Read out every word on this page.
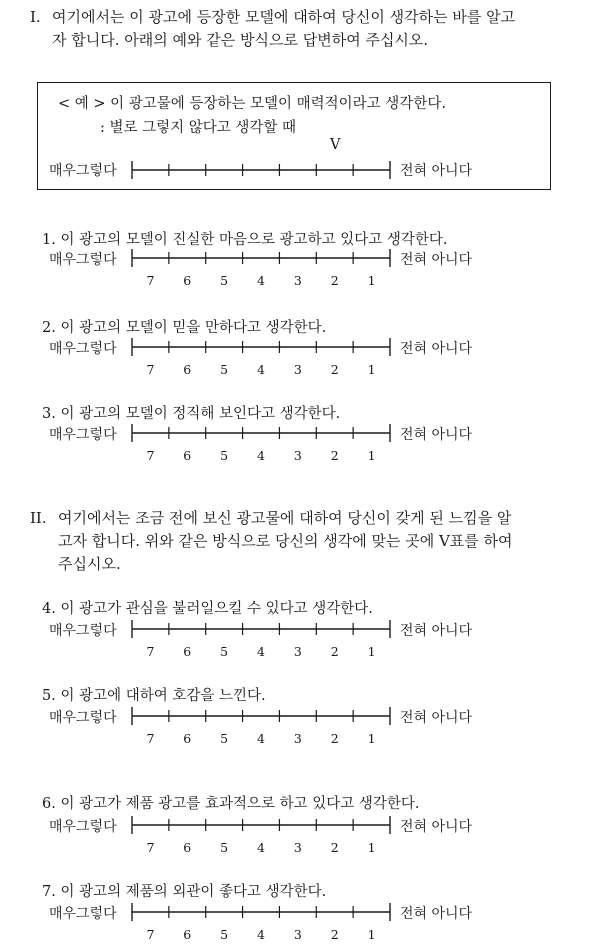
I. 여기에서는 이 광고에 등장한 모델에 대하여 당신이 생각하는 바를 알고
자 합니다. 아래의 예와 같은 방식으로 답변하여 주십시오.
< 예 > 이 광고물에 등장하는 모델이 매력적이라고 생각한다.
: 별로 그렇지 않다고 생각할 때
V
매우그렇다	전혀 아니다
1. 이 광고의 모델이 진실한 마음으로 광고하고 있다고 생각한다.
매우그렇다
7 6 5 4 3 2 1
전혀 아니다
2. 이 광고의 모델이 믿을 만하다고 생각한다.
매우그렇다
7 6 5 4 3 2 1
전혀 아니다
3. 이 광고의 모델이 정직해 보인다고 생각한다.
매우그렇다
7 6 5 4 3 2 1
전혀 아니다
II. 여기에서는 조금 전에 보신 광고물에 대하여 당신이 갖게 된 느낌을 알
고자 합니다. 위와 같은 방식으로 당신의 생각에 맞는 곳에 V표를 하여
주십시오.
4. 이 광고가 관심을 불러일으킬 수 있다고 생각한다.
매우그렇다
7 6 5 4 3 2 1
전혀 아니다
5. 이 광고에 대하여 호감을 느낀다.
매우그렇다
7 6 5 4 3 2 1
전혀 아니다
6. 이 광고가 제품 광고를 효과적으로 하고 있다고 생각한다.
매우그렇다
7 6 5 4 3 2 1
전혀 아니다
7. 이 광고의 제품의 외관이 좋다고 생각한다.
매우그렇다
7 6 5 4 3 2 1
전혀 아니다
